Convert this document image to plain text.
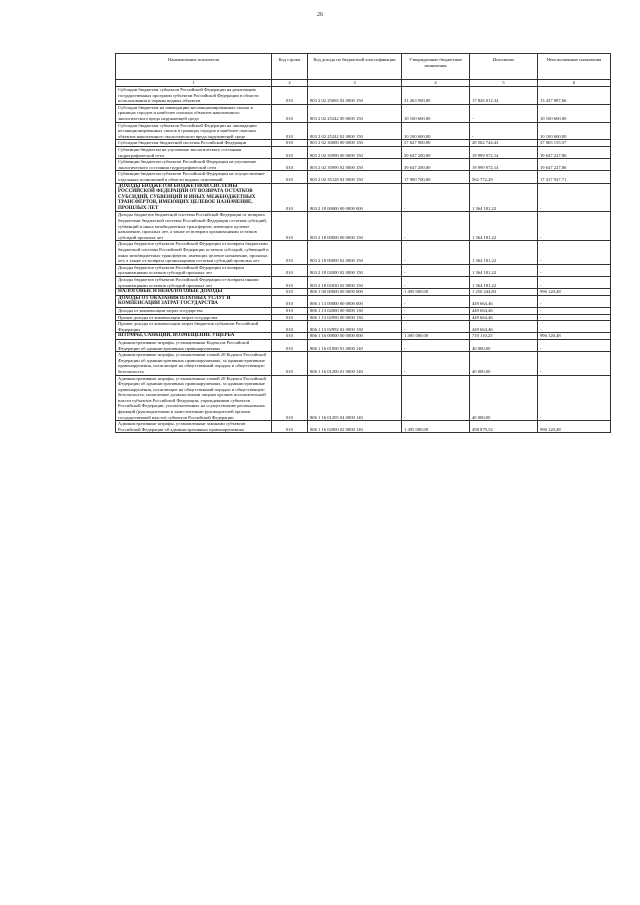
26
Наименование показателя	Код строки	Код дохода по бюджетной классификации	Утвержденные бюджетные назначения	Исполнено	Неисполненные назначения
1	2	3	4	5	6
Субсидии бюджетам субъектов Российской Федерации на реализацию государственных программ субъектов Российской Федерации в области использования и охраны водных объектов	010	803 2 02 25065 02 0000 150	31 263 900,00	17 826 012,34	13 437 887,66
Субсидии бюджетам на ликвидацию несанкционированных свалок в границах городов и наиболее опасных объектов накопленного экологического вреда окружающей среде	010	803 2 02 25242 00 0000 150	10 100 600,00	-	10 100 600,00
Субсидии бюджетам субъектов Российской Федерации на ликвидацию несанкционированных свалок в границах городов и наиболее опасных объектов накопленного экологического вреда окружающей среде	010	803 2 02 25242 02 0000 150	10 100 600,00	-	10 100 600,00
Субсидии бюджетам бюджетной системы Российской Федерации	010	803 2 02 30000 00 0000 150	57 627 900,00	20 562 744,43	37 065 155,57
Субвенции бюджетам на улучшение экологического состояния гидрографической сети	010	803 2 02 35090 00 0000 150	39 647 200,00	19 999 972,14	19 647 227,86
Субвенции бюджетам субъектов Российской Федерации на улучшение экологического состояния гидрографической сети	010	803 2 02 35090 02 0000 150	39 647 200,00	19 999 972,14	19 647 227,86
Субвенции бюджетам субъектов Российской Федерации на осуществление отдельных полномочий в области водных отношений	010	803 2 02 35128 02 0000 150	17 980 700,00	562 772,29	17 417 927,71
ДОХОДЫ БЮДЖЕТОВ БЮДЖЕТНОЙ СИСТЕМЫ РОССИЙСКОЙ ФЕДЕРАЦИИ ОТ ВОЗВРАТА ОСТАТКОВ СУБСИДИЙ, СУБВЕНЦИЙ И ИНЫХ МЕЖБЮДЖЕТНЫХ ТРАНСФЕРТОВ, ИМЕЮЩИХ ЦЕЛЕВОЕ НАЗНАЧЕНИЕ, ПРОШЛЫХ ЛЕТ	010	803 2 18 00000 00 0000 000	-	1 364 181,22	-
Доходы бюджетов бюджетной системы Российской Федерации от возврата бюджетами бюджетной системы Российской Федерации остатков субсидий, субвенций и иных межбюджетных трансфертов, имеющих целевое назначение, прошлых лет, а также от возврата организациями остатков субсидий прошлых лет	010	803 2 18 00000 00 0000 150	-	1 364 181,22	-
Доходы бюджетов субъектов Российской Федерации от возврата бюджетами бюджетной системы Российской Федерации остатков субсидий, субвенций и иных межбюджетных трансфертов, имеющих целевое назначение, прошлых лет, а также от возврата организациями остатков субсидий прошлых лет	010	803 2 18 00000 02 0000 150	-	1 364 181,22	-
Доходы бюджетов субъектов Российской Федерации от возврата организациями остатков субсидий прошлых лет	010	803 2 18 02000 02 0000 150	-	1 364 181,22	-
Доходы бюджетов субъектов Российской Федерации от возврата иными организациями остатков субсидий прошлых лет	010	803 2 18 02030 02 0000 150	-	1 364 181,22	-
НАЛОГОВЫЕ И НЕНАЛОГОВЫЕ ДОХОДЫ	010	806 1 00 00000 00 0000 000	1 495 000,00	1 250 244,83	996 120,48
ДОХОДЫ ОТ ОКАЗАНИЯ ПЛАТНЫХ УСЛУГ И КОМПЕНСАЦИИ ЗАТРАТ ГОСУДАРСТВА	010	806 1 13 00000 00 0000 000	-	449 664,46	-
Доходы от компенсации затрат государства	010	806 1 13 02000 00 0000 130	-	449 664,46	-
Прочие доходы от компенсации затрат государства	010	806 1 13 02990 00 0000 130	-	449 664,46	-
Прочие доходы от компенсации затрат бюджетов субъектов Российской Федерации	010	806 1 13 02992 02 0000 130	-	449 664,46	-
ШТРАФЫ, САНКЦИИ, ВОЗМЕЩЕНИЕ УЩЕРБА	010	806 1 16 00000 00 0000 000	1 495 000,00	710 110,25	996 120,48
Административные штрафы, установленные Кодексом Российской Федерации об административных правонарушениях	010	806 1 16 01000 01 0000 140	-	40 000,00	-
Административные штрафы, установленные главой 20 Кодекса Российской Федерации об административных правонарушениях, за административные правонарушения, посягающие на общественный порядок и общественную безопасность	010	806 1 16 01200 01 0000 140	-	40 000,00	-
Административные штрафы, установленные главой 20 Кодекса Российской Федерации об административных правонарушениях, за административные правонарушения, посягающие на общественный порядок и общественную безопасность, налагаемые должностными лицами органов исполнительной власти субъектов Российской Федерации, учреждениями субъектов Российской Федерации, уполномоченных на осуществление региональных функций (руководителями и заместителями руководителей органов государственной власти) субъектов Российской Федерации	010	806 1 16 01205 04 0000 140	-	40 000,00	-
Административные штрафы, установленные законами субъектов Российской Федерации об административных правонарушениях	010	806 1 16 02000 02 0000 140	1 495 000,00	498 879,52	996 120,48
